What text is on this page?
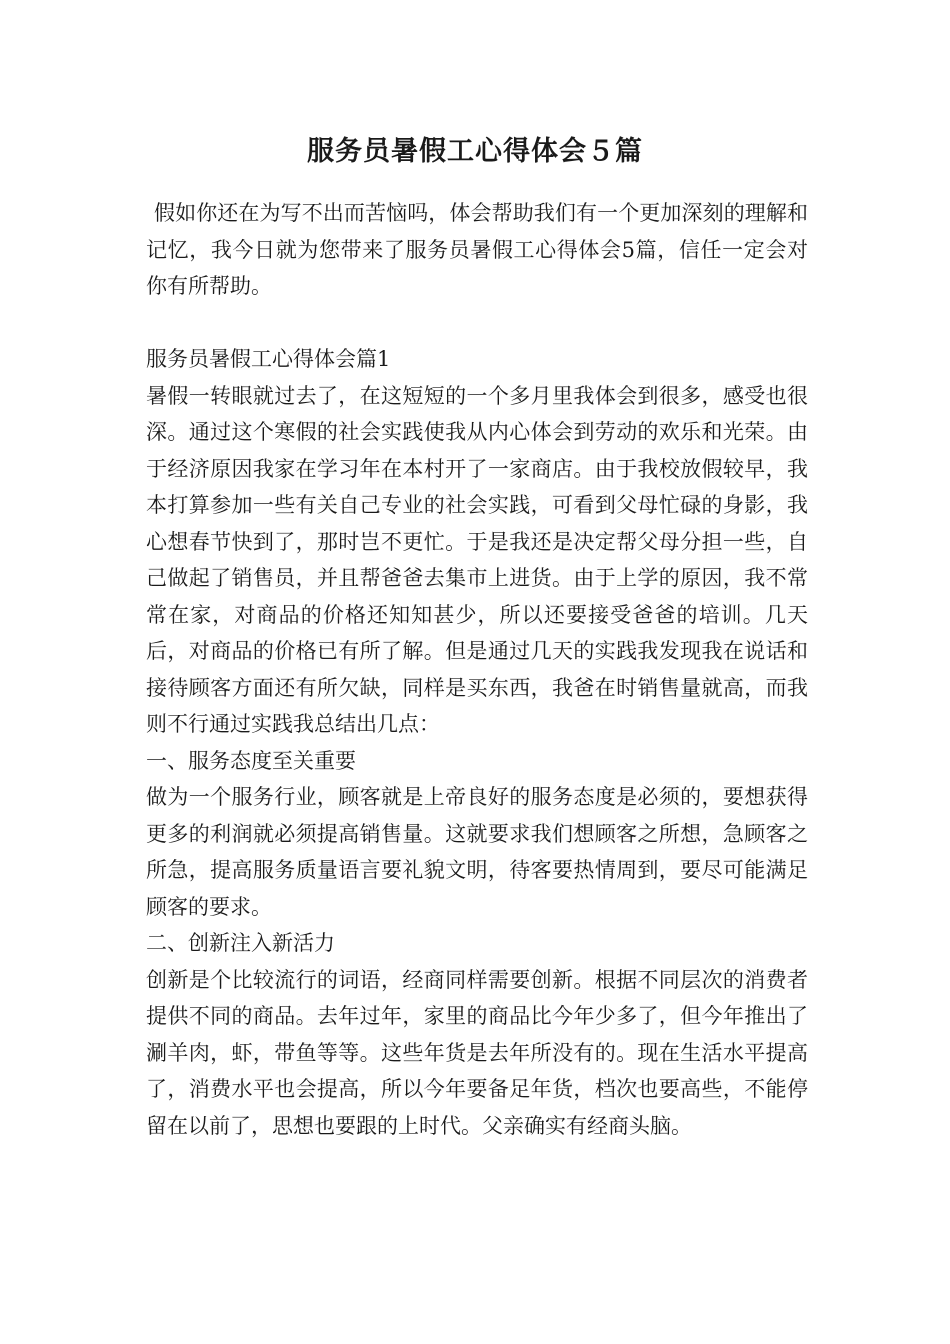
服务员暑假工心得体会５篇

假如你还在为写不出而苦恼吗，体会帮助我们有一个更加深刻的理解和记忆，我今日就为您带来了服务员暑假工心得体会5篇，信任一定会对你有所帮助。

服务员暑假工心得体会篇1

暑假一转眼就过去了，在这短短的一个多月里我体会到很多，感受也很深。通过这个寒假的社会实践使我从内心体会到劳动的欢乐和光荣。由于经济原因我家在学习年在本村开了一家商店。由于我校放假较早，我本打算参加一些有关自己专业的社会实践，可看到父母忙碌的身影，我心想春节快到了，那时岂不更忙。于是我还是决定帮父母分担一些，自己做起了销售员，并且帮爸爸去集市上进货。由于上学的原因，我不常常在家，对商品的价格还知知甚少，所以还要接受爸爸的培训。几天后，对商品的价格已有所了解。但是通过几天的实践我发现我在说话和接待顾客方面还有所欠缺，同样是买东西，我爸在时销售量就高，而我则不行通过实践我总结出几点：

一、服务态度至关重要

做为一个服务行业，顾客就是上帝良好的服务态度是必须的，要想获得更多的利润就必须提高销售量。这就要求我们想顾客之所想，急顾客之所急，提高服务质量语言要礼貌文明，待客要热情周到，要尽可能满足顾客的要求。

二、创新注入新活力

创新是个比较流行的词语，经商同样需要创新。根据不同层次的消费者提供不同的商品。去年过年，家里的商品比今年少多了，但今年推出了涮羊肉，虾，带鱼等等。这些年货是去年所没有的。现在生活水平提高了，消费水平也会提高，所以今年要备足年货，档次也要高些，不能停留在以前了，思想也要跟的上时代。父亲确实有经商头脑。
